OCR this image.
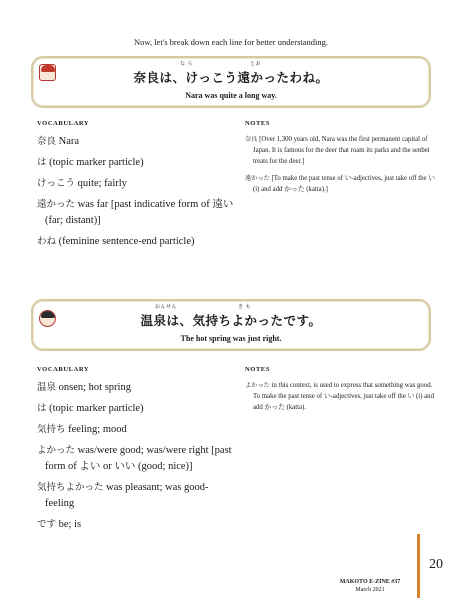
Now, let's break down each line for better understanding.
な ら	とお
奈良は、けっこう遠かったわね。
Nara was quite a long way.
VOCABULARY	NOTES
奈良 Nara
は (topic marker particle)
けっこう quite; fairly
遠かった was far [past indicative form of 遠い (far; distant)]
わね (feminine sentence-end particle)
奈良 [Over 1,300 years old, Nara was the first permanent capital of Japan. It is famous for the deer that roam its parks and the senbei treats for the deer.]
遠かった [To make the past tense of い-adjectives, just take off the い (i) and add かった (katta).]
おんせん	き も
温泉は、気持ちよかったです。
The hot spring was just right.
VOCABULARY	NOTES
温泉 onsen; hot spring
は (topic marker particle)
気持ち feeling; mood
よかった was/were good; was/were right [past form of よい or いい (good; nice)]
気持ちよかった was pleasant; was good-feeling
です be; is
よかった in this context, is used to express that something was good. To make the past tense of い-adjectives, just take off the い (i) and add かった (katta).
20
MAKOTO E-ZINE #37
March 2021
